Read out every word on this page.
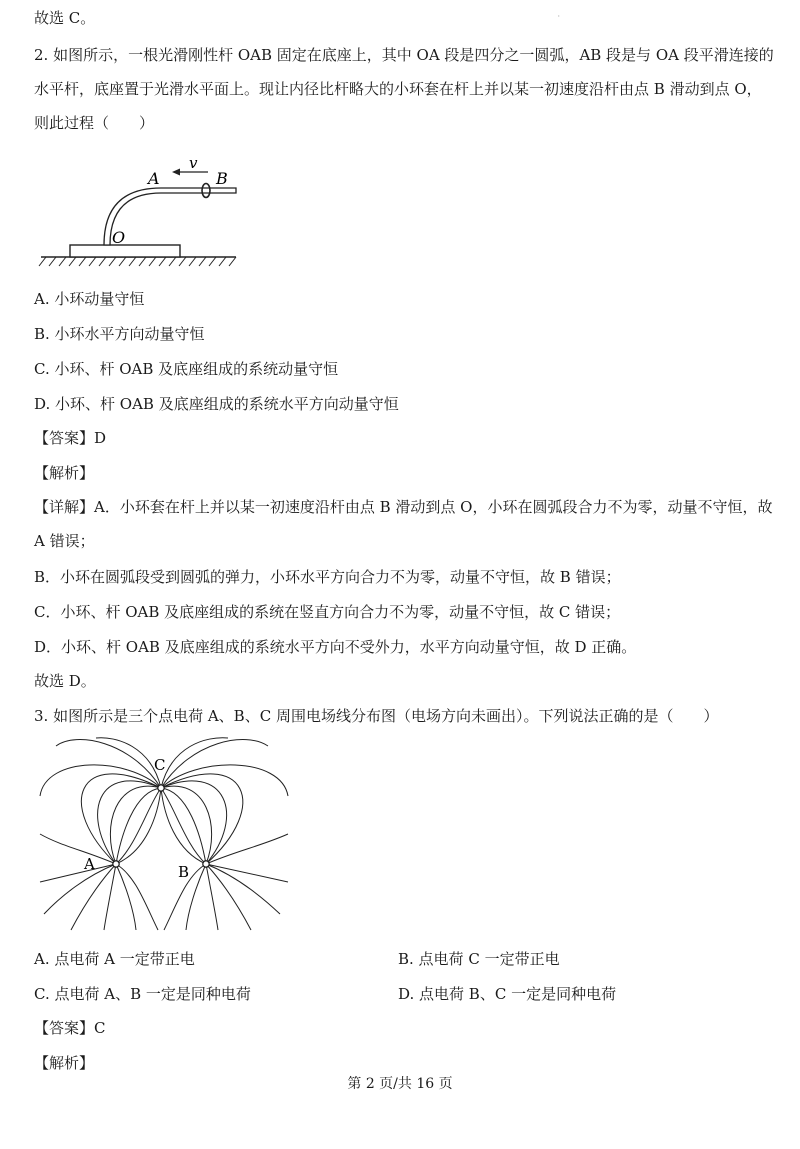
故选 C。	·
2. 如图所示，一根光滑刚性杆 OAB 固定在底座上，其中 OA 段是四分之一圆弧，AB 段是与 OA 段平滑连接的水平杆，底座置于光滑水平面上。现让内径比杆略大的小环套在杆上并以某一初速度沿杆由点 B 滑动到点 O，则此过程（　　）
v
A	B
O
A. 小环动量守恒
B. 小环水平方向动量守恒
C. 小环、杆 OAB 及底座组成的系统动量守恒
D. 小环、杆 OAB 及底座组成的系统水平方向动量守恒
【答案】D
【解析】
【详解】A．小环套在杆上并以某一初速度沿杆由点 B 滑动到点 O，小环在圆弧段合力不为零，动量不守恒，故 A 错误；
B．小环在圆弧段受到圆弧的弹力，小环水平方向合力不为零，动量不守恒，故 B 错误；
C．小环、杆 OAB 及底座组成的系统在竖直方向合力不为零，动量不守恒，故 C 错误；
D．小环、杆 OAB 及底座组成的系统水平方向不受外力，水平方向动量守恒，故 D 正确。
故选 D。
3. 如图所示是三个点电荷 A、B、C 周围电场线分布图（电场方向未画出）。下列说法正确的是（　　）
C
A	B
A. 点电荷 A 一定带正电	B. 点电荷 C 一定带正电
C. 点电荷 A、B 一定是同种电荷	D. 点电荷 B、C 一定是同种电荷
【答案】C
【解析】
第 2 页/共 16 页
